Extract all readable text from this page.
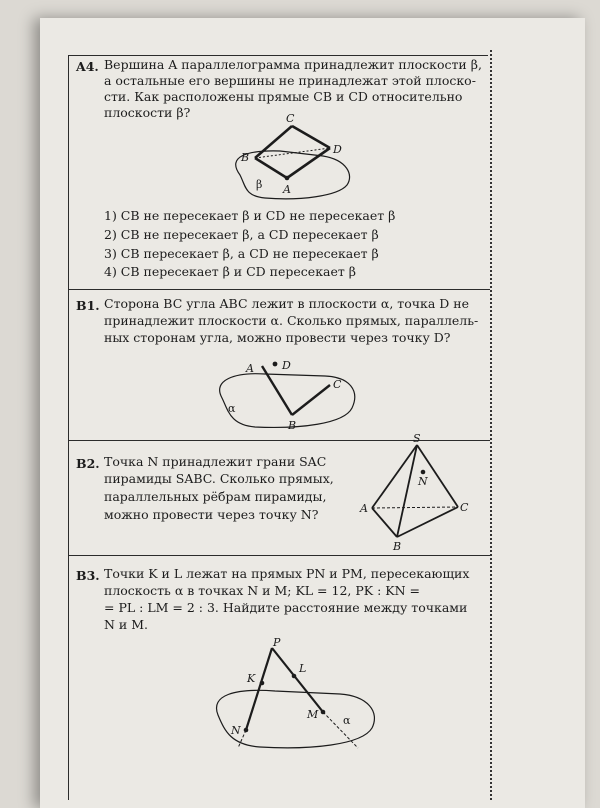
A4. Вершина A параллелограмма принадлежит плоскости β,
а остальные его вершины не принадлежат этой плоско-
сти. Как расположены прямые CB и CD относительно
плоскости β?
B
C
D
A
β
1) CB не пересекает β и CD не пересекает β
2) CB не пересекает β, а CD пересекает β
3) CB пересекает β, а CD не пересекает β
4) CB пересекает β и CD пересекает β
B1. Сторона BC угла ABC лежит в плоскости α, точка D не
принадлежит плоскости α. Сколько прямых, параллель-
ных сторонам угла, можно провести через точку D?
A	D
C
B
α
B2. Точка N принадлежит грани SAC
пирамиды SABC. Сколько прямых,
параллельных рёбрам пирамиды,
можно провести через точку N?
S
N
A	C
B
B3. Точки K и L лежат на прямых PN и PM, пересекающих
плоскость α в точках N и M; KL = 12, PK : KN =
= PL : LM = 2 : 3. Найдите расстояние между точками
N и M.
P
K
L
N
M α
